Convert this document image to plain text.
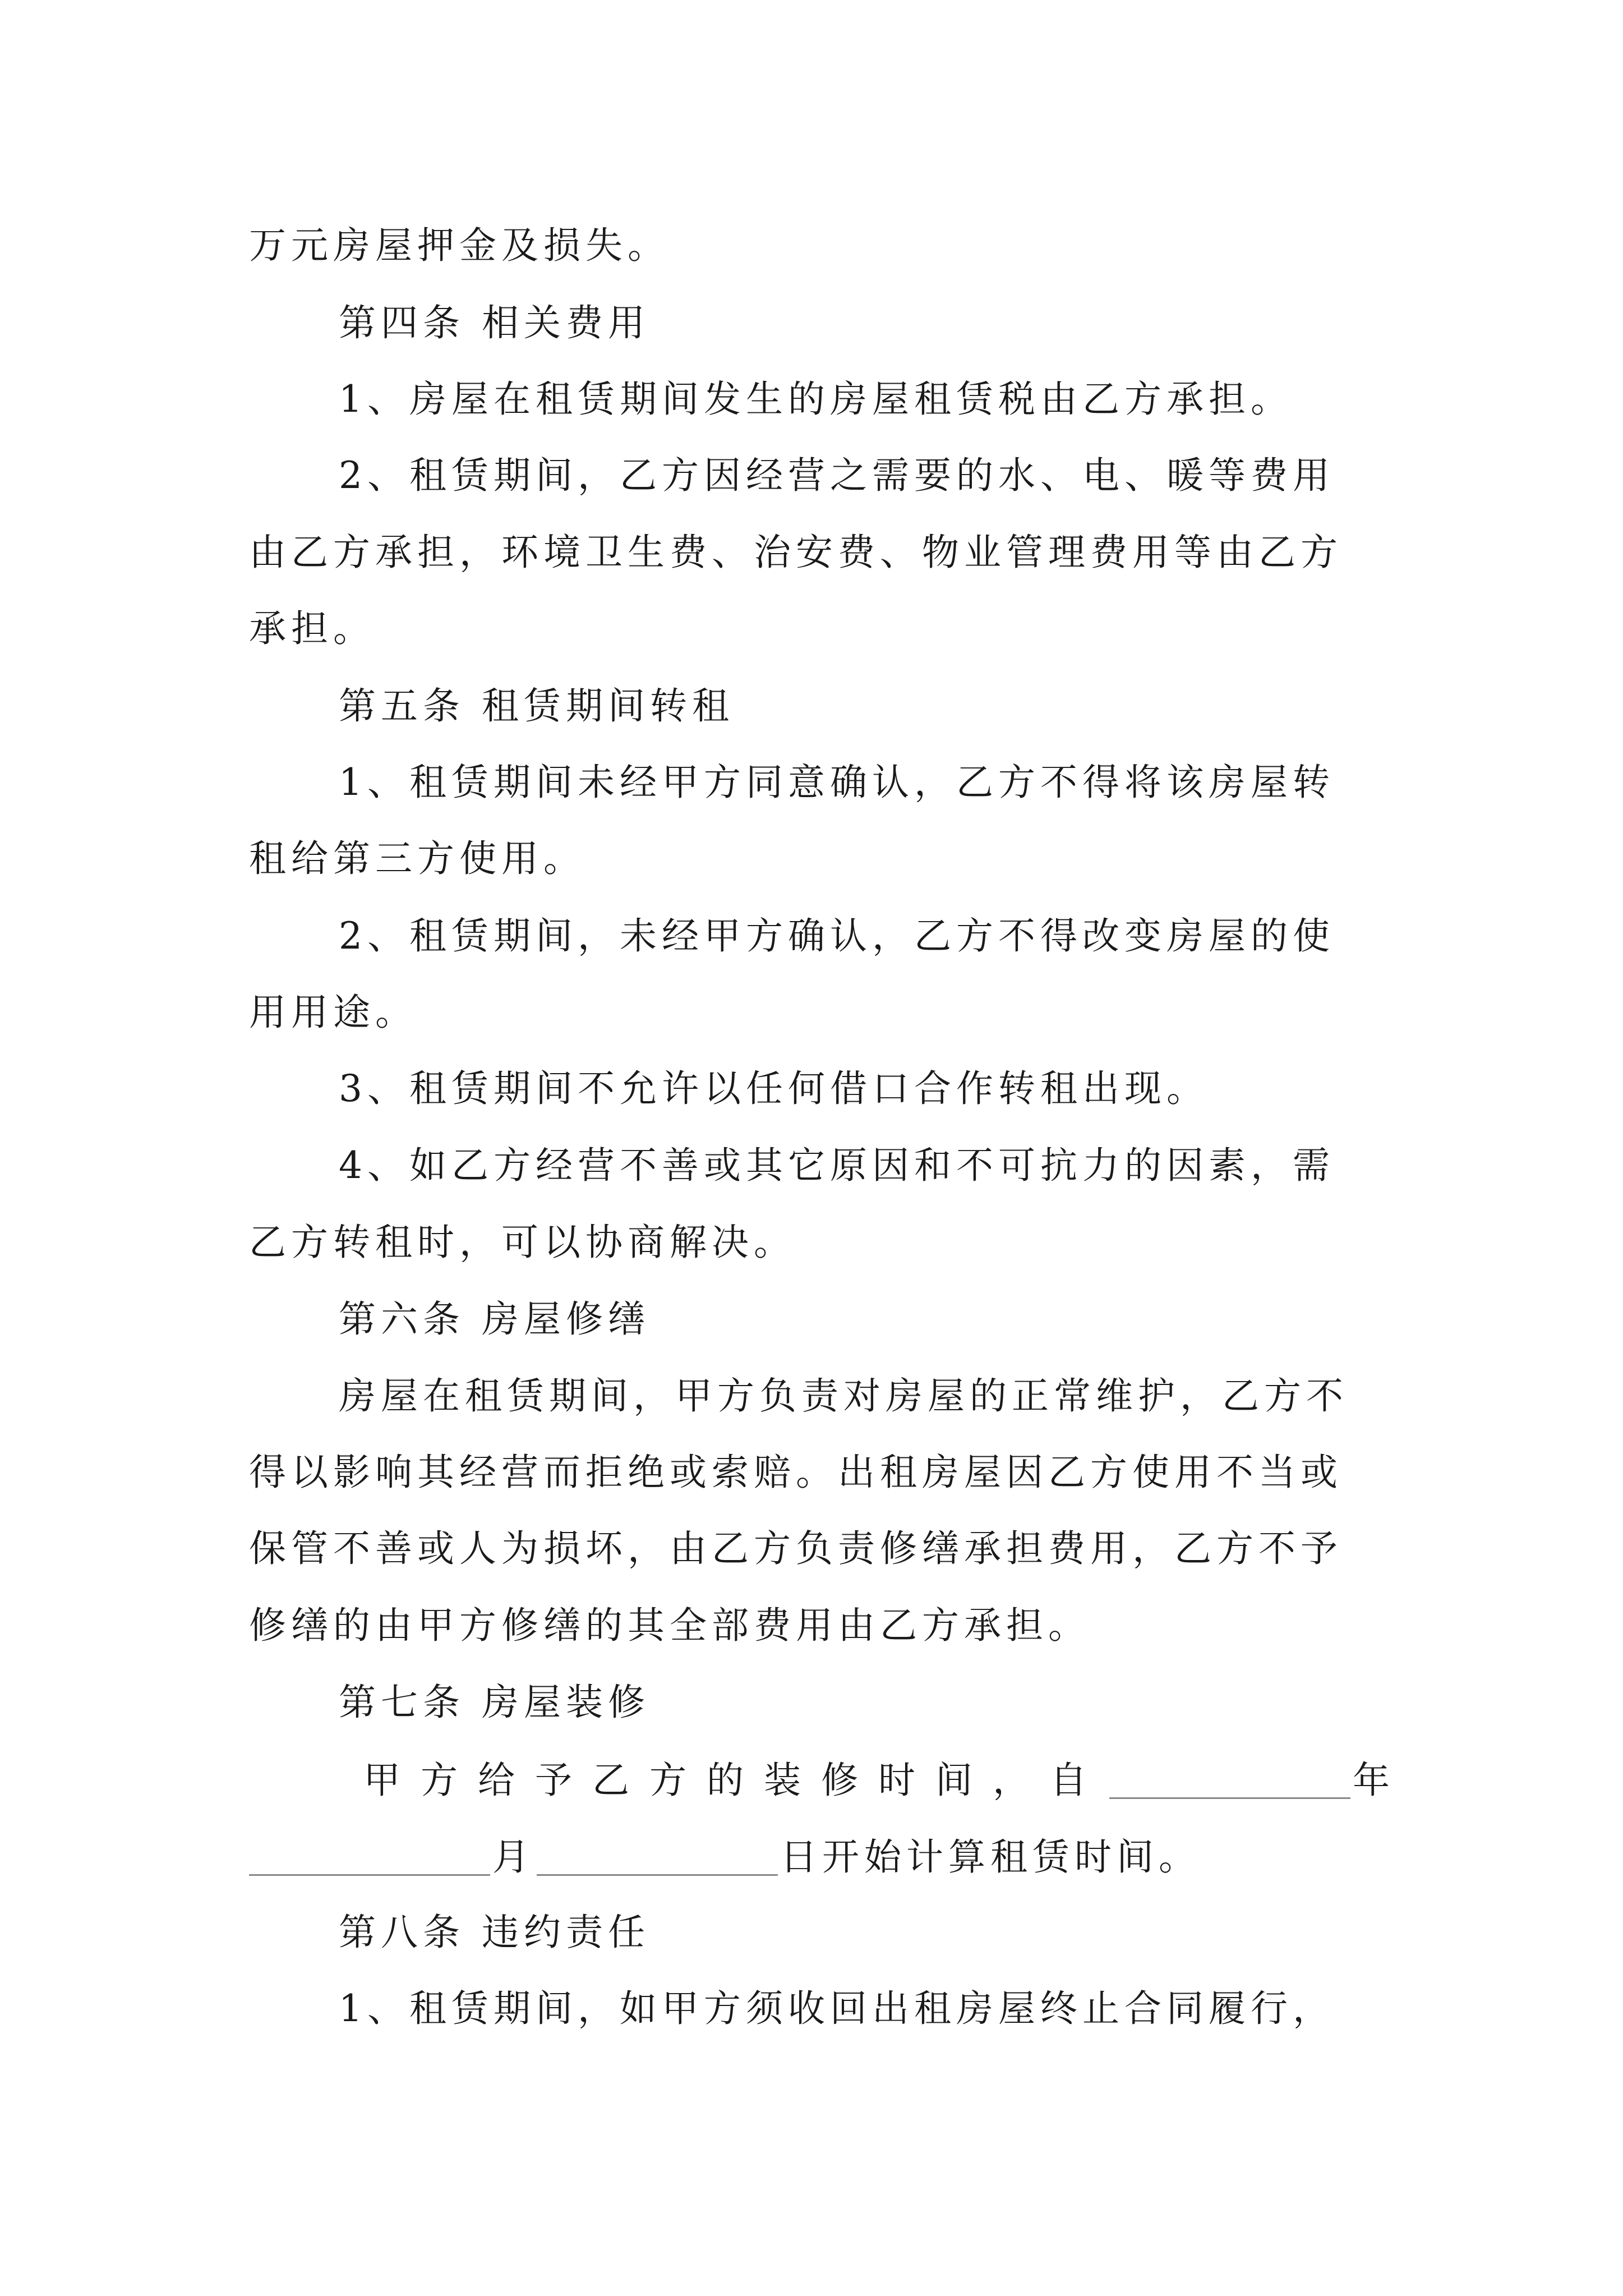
万元房屋押金及损失。
第四条 相关费用
1、房屋在租赁期间发生的房屋租赁税由乙方承担。
2、租赁期间，乙方因经营之需要的水、电、暖等费用
由乙方承担，环境卫生费、治安费、物业管理费用等由乙方
承担。
第五条 租赁期间转租
1、租赁期间未经甲方同意确认，乙方不得将该房屋转
租给第三方使用。
2、租赁期间，未经甲方确认，乙方不得改变房屋的使
用用途。
3、租赁期间不允许以任何借口合作转租出现。
4、如乙方经营不善或其它原因和不可抗力的因素，需
乙方转租时，可以协商解决。
第六条 房屋修缮
房屋在租赁期间，甲方负责对房屋的正常维护，乙方不
得以影响其经营而拒绝或索赔。出租房屋因乙方使用不当或
保管不善或人为损坏，由乙方负责修缮承担费用，乙方不予
修缮的由甲方修缮的其全部费用由乙方承担。
第七条 房屋装修
甲方给予乙方的装修时间，自	年
月	日开始计算租赁时间。
第八条 违约责任
1、租赁期间，如甲方须收回出租房屋终止合同履行，
